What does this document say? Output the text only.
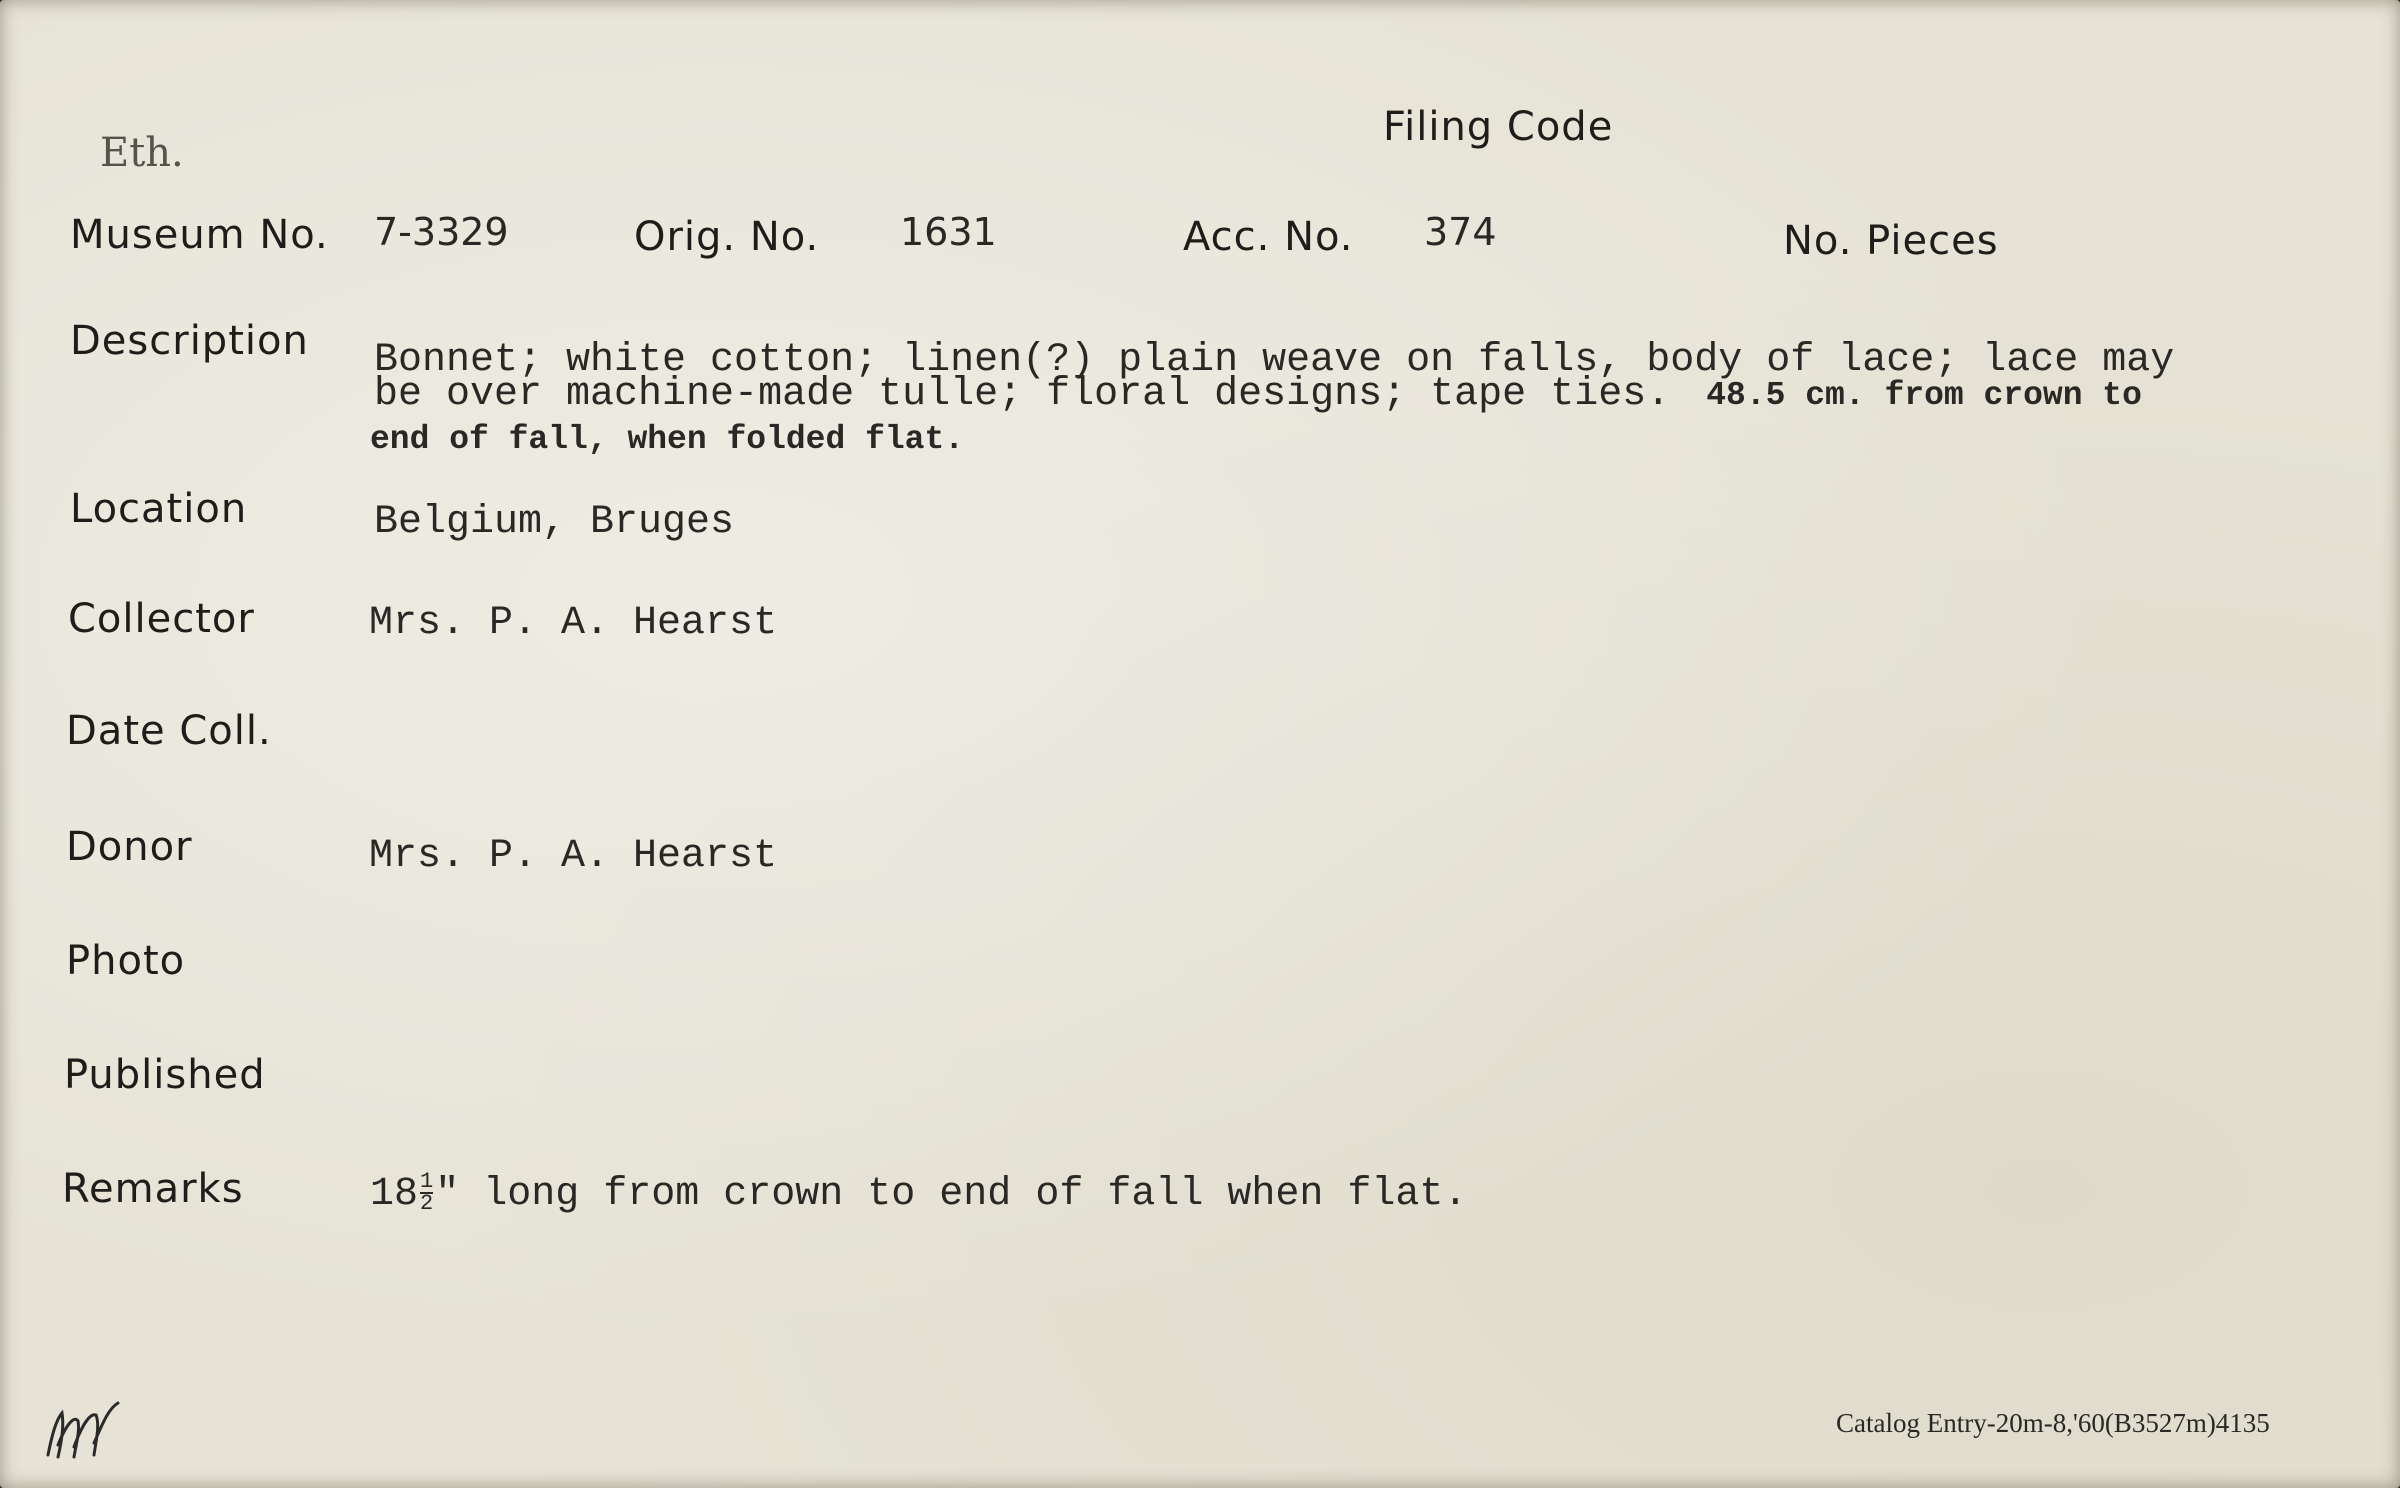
Eth.
Filing Code
Museum No. 7-3329	Orig. No. 1631	Acc. No. 374	No. Pieces
Description Bonnet; white cotton; linen(?) plain weave on falls, body of lace; lace may
be over machine-made tulle; floral designs; tape ties. 48.5 cm. from crown to
end of fall, when folded flat.
Location	Belgium, Bruges
Collector	Mrs. P. A. Hearst
Date Coll.
Donor	Mrs. P. A. Hearst
Photo
Published
Remarks	$18 \frac{1}{2}$ " long from crown to end of fall when flat.
Catalog Entry-20m-8,'60(B3527m)4135
